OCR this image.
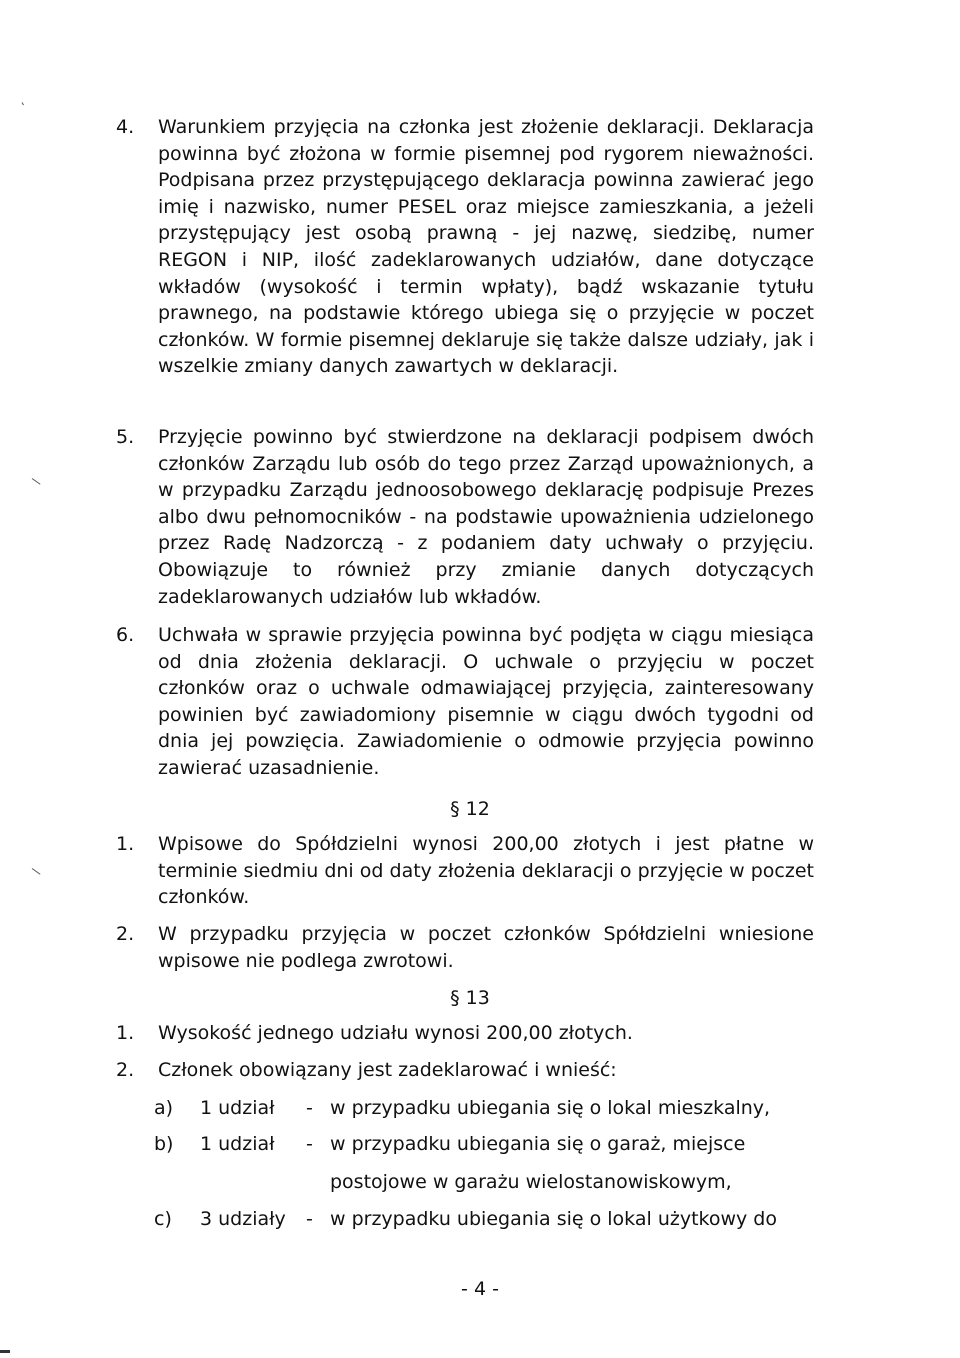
4.	Warunkiem przyjęcia na członka jest złożenie deklaracji. Deklaracja powinna być złożona w formie pisemnej pod rygorem nieważności. Podpisana przez przystępującego deklaracja powinna zawierać jego imię i nazwisko, numer PESEL oraz miejsce zamieszkania, a jeżeli przystępujący jest osobą prawną - jej nazwę, siedzibę, numer REGON i NIP, ilość zadeklarowanych udziałów, dane dotyczące wkładów (wysokość i termin wpłaty), bądź wskazanie tytułu prawnego, na podstawie którego ubiega się o przyjęcie w poczet członków. W formie pisemnej deklaruje się także dalsze udziały, jak i wszelkie zmiany danych zawartych w deklaracji.

5.	Przyjęcie powinno być stwierdzone na deklaracji podpisem dwóch członków Zarządu lub osób do tego przez Zarząd upoważnionych, a w przypadku Zarządu jednoosobowego deklarację podpisuje Prezes albo dwu pełnomocników - na podstawie upoważnienia udzielonego przez Radę Nadzorczą - z podaniem daty uchwały o przyjęciu. Obowiązuje to również przy zmianie danych dotyczących zadeklarowanych udziałów lub wkładów.

6.	Uchwała w sprawie przyjęcia powinna być podjęta w ciągu miesiąca od dnia złożenia deklaracji. O uchwale o przyjęciu w poczet członków oraz o uchwale odmawiającej przyjęcia, zainteresowany powinien być zawiadomiony pisemnie w ciągu dwóch tygodni od dnia jej powzięcia. Zawiadomienie o odmowie przyjęcia powinno zawierać uzasadnienie.

§ 12
1.	Wpisowe do Spółdzielni wynosi 200,00 złotych i jest płatne w terminie siedmiu dni od daty złożenia deklaracji o przyjęcie w poczet członków.

2.	W przypadku przyjęcia w poczet członków Spółdzielni wniesione wpisowe nie podlega zwrotowi.

§ 13
1.	Wysokość jednego udziału wynosi 200,00 złotych.

2.	Członek obowiązany jest zadeklarować i wnieść:

a) 1 udział - w przypadku ubiegania się o lokal mieszkalny,
b) 1 udział - w przypadku ubiegania się o garaż, miejsce
postojowe w garażu wielostanowiskowym,
c) 3 udziały - w przypadku ubiegania się o lokal użytkowy do
- 4 -
